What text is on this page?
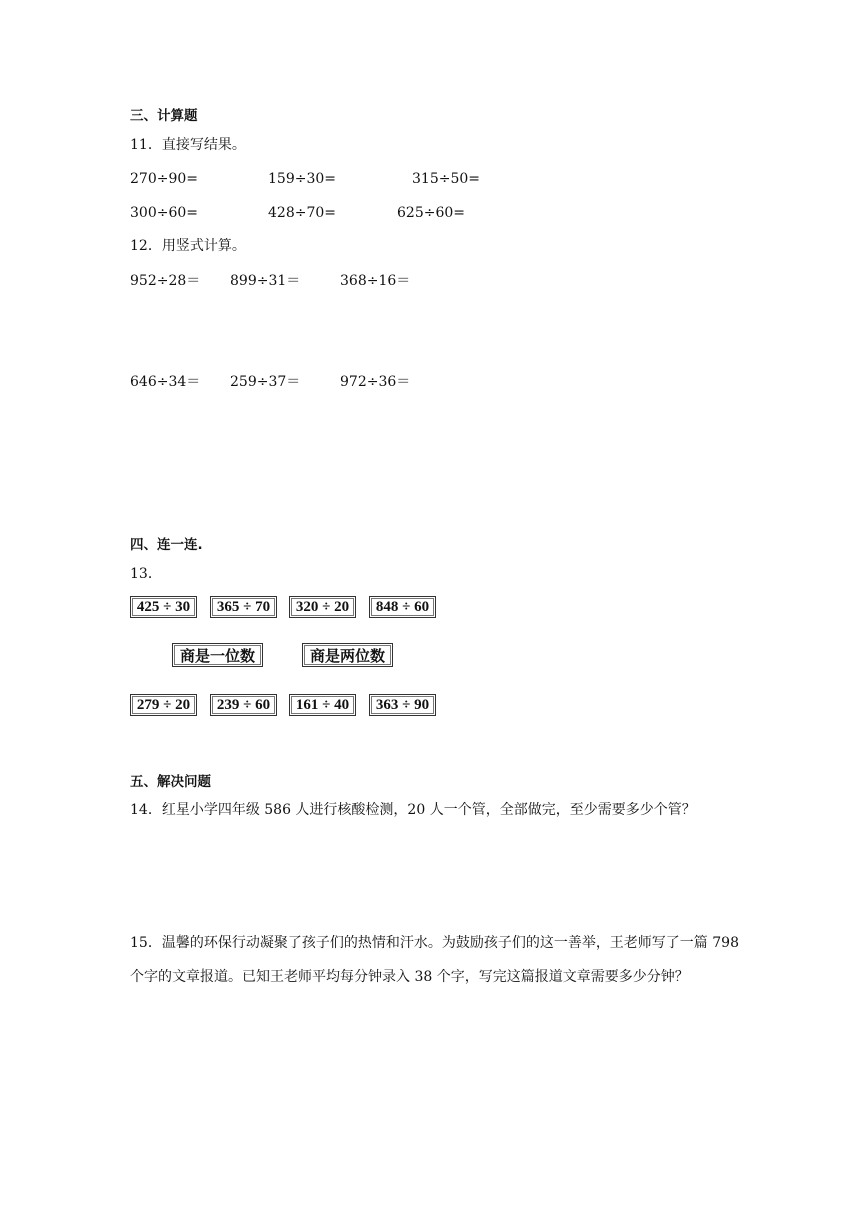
三、计算题
11．直接写结果。
270÷90=	159÷30=	315÷50=
300÷60=	428÷70=	625÷60=
12．用竖式计算。
952÷28＝ 899÷31＝	368÷16＝
646÷34＝ 259÷37＝	972÷36＝
四、连一连.
13．
425 ÷ 30	365 ÷ 70	320 ÷ 20	848 ÷ 60
商是一位数	商是两位数
279 ÷ 20	239 ÷ 60	161 ÷ 40	363 ÷ 90
五、解决问题
14．红星小学四年级 586 人进行核酸检测，20 人一个管，全部做完，至少需要多少个管？
15．温馨的环保行动凝聚了孩子们的热情和汗水。为鼓励孩子们的这一善举，王老师写了一篇 798 个字的文章报道。已知王老师平均每分钟录入 38 个字，写完这篇报道文章需要多少分钟？
